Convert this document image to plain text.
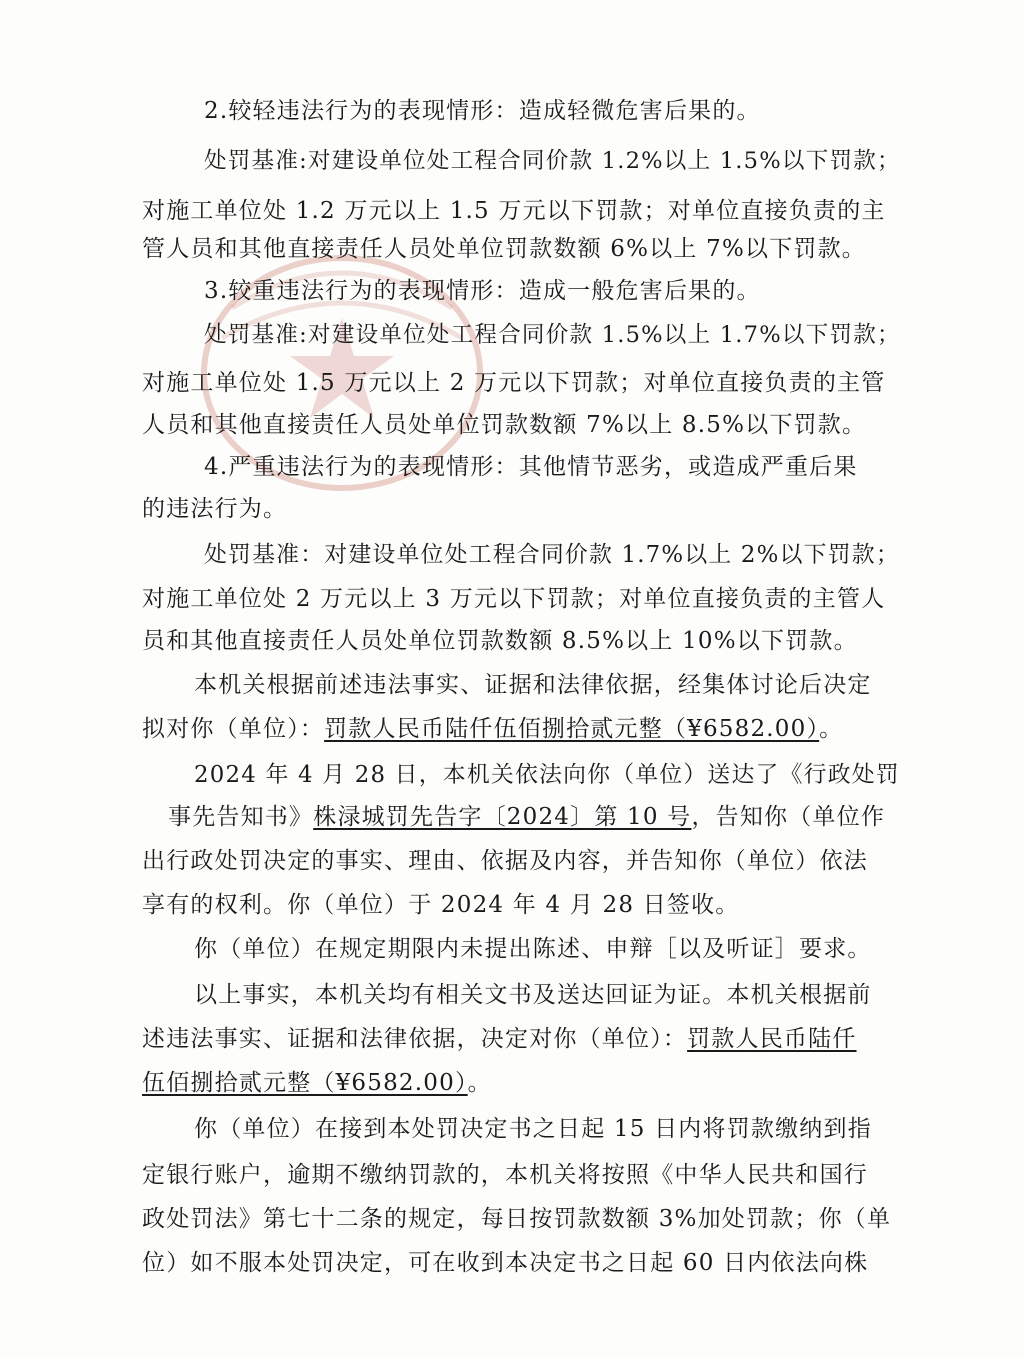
2.较轻违法行为的表现情形：造成轻微危害后果的。
处罚基准:对建设单位处工程合同价款 1.2%以上 1.5%以下罚款；
对施工单位处 1.2 万元以上 1.5 万元以下罚款；对单位直接负责的主
管人员和其他直接责任人员处单位罚款数额 6%以上 7%以下罚款。
3.较重违法行为的表现情形：造成一般危害后果的。
处罚基准:对建设单位处工程合同价款 1.5%以上 1.7%以下罚款；
对施工单位处 1.5 万元以上 2 万元以下罚款；对单位直接负责的主管
人员和其他直接责任人员处单位罚款数额 7%以上 8.5%以下罚款。
4.严重违法行为的表现情形：其他情节恶劣，或造成严重后果
的违法行为。
处罚基准：对建设单位处工程合同价款 1.7%以上 2%以下罚款；
对施工单位处 2 万元以上 3 万元以下罚款；对单位直接负责的主管人
员和其他直接责任人员处单位罚款数额 8.5%以上 10%以下罚款。
本机关根据前述违法事实、证据和法律依据，经集体讨论后决定
拟对你（单位）：罚款人民币陆仟伍佰捌拾贰元整（¥6582.00）。
2024 年 4 月 28 日，本机关依法向你（单位）送达了《行政处罚
事先告知书》株渌城罚先告字〔2024〕第 10 号，告知你（单位作
出行政处罚决定的事实、理由、依据及内容，并告知你（单位）依法
享有的权利。你（单位）于 2024 年 4 月 28 日签收。
你（单位）在规定期限内未提出陈述、申辩［以及听证］要求。
以上事实，本机关均有相关文书及送达回证为证。本机关根据前
述违法事实、证据和法律依据，决定对你（单位）：罚款人民币陆仟
伍佰捌拾贰元整（¥6582.00）。
你（单位）在接到本处罚决定书之日起 15 日内将罚款缴纳到指
定银行账户，逾期不缴纳罚款的，本机关将按照《中华人民共和国行
政处罚法》第七十二条的规定，每日按罚款数额 3%加处罚款；你（单
位）如不服本处罚决定，可在收到本决定书之日起 60 日内依法向株
